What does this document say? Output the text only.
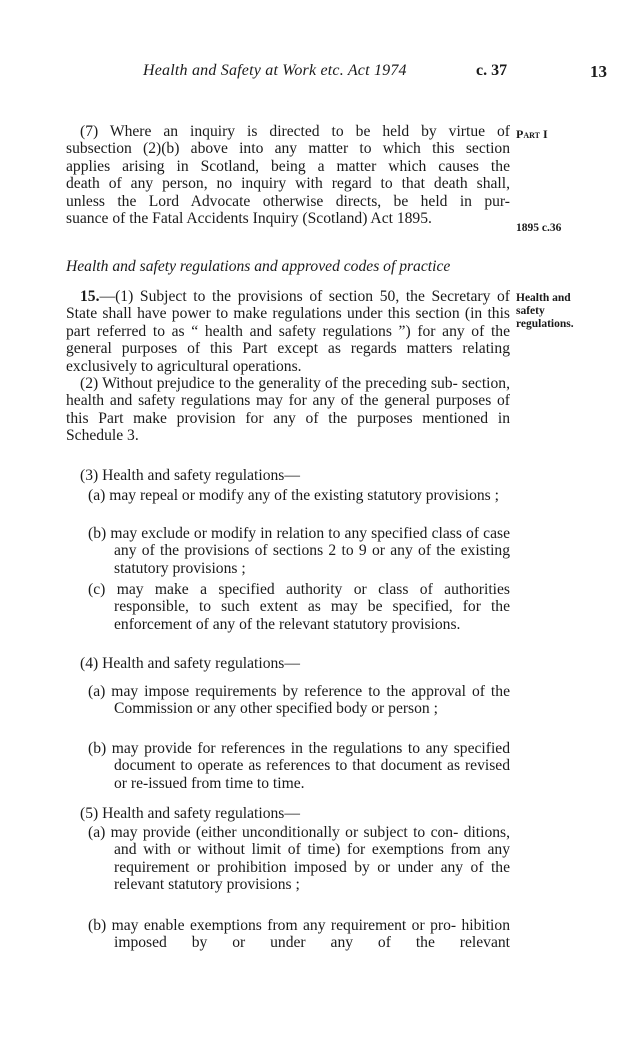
Health and Safety at Work etc. Act 1974	c. 37	13
Part I
1895 c.36
Health and
safety
regulations.
(7) Where an inquiry is directed to be held by virtue of
subsection (2)(b) above into any matter to which this section
applies arising in Scotland, being a matter which causes the
death of any person, no inquiry with regard to that death shall,
unless the Lord Advocate otherwise directs, be held in pur-
suance of the Fatal Accidents Inquiry (Scotland) Act 1895.
Health and safety regulations and approved codes of practice

15.—(1) Subject to the provisions of section 50, the Secretary of State shall have power to make regulations under this section (in this part referred to as “ health and safety regulations ”) for any of the general purposes of this Part except as regards matters relating exclusively to agricultural operations.

(2) Without prejudice to the generality of the preceding sub- section, health and safety regulations may for any of the general purposes of this Part make provision for any of the purposes mentioned in Schedule 3.

(3) Health and safety regulations—
(a) may repeal or modify any of the existing statutory provisions ;
(b) may exclude or modify in relation to any specified class of case any of the provisions of sections 2 to 9 or any of the existing statutory provisions ;
(c) may make a specified authority or class of authorities responsible, to such extent as may be specified, for the enforcement of any of the relevant statutory provisions.
(4) Health and safety regulations—
(a) may impose requirements by reference to the approval of the Commission or any other specified body or person ;
(b) may provide for references in the regulations to any specified document to operate as references to that document as revised or re-issued from time to time.
(5) Health and safety regulations—
(a) may provide (either unconditionally or subject to con- ditions, and with or without limit of time) for exemptions from any requirement or prohibition imposed by or under any of the relevant statutory provisions ;
(b) may enable exemptions from any requirement or pro- hibition imposed by or under any of the relevant
